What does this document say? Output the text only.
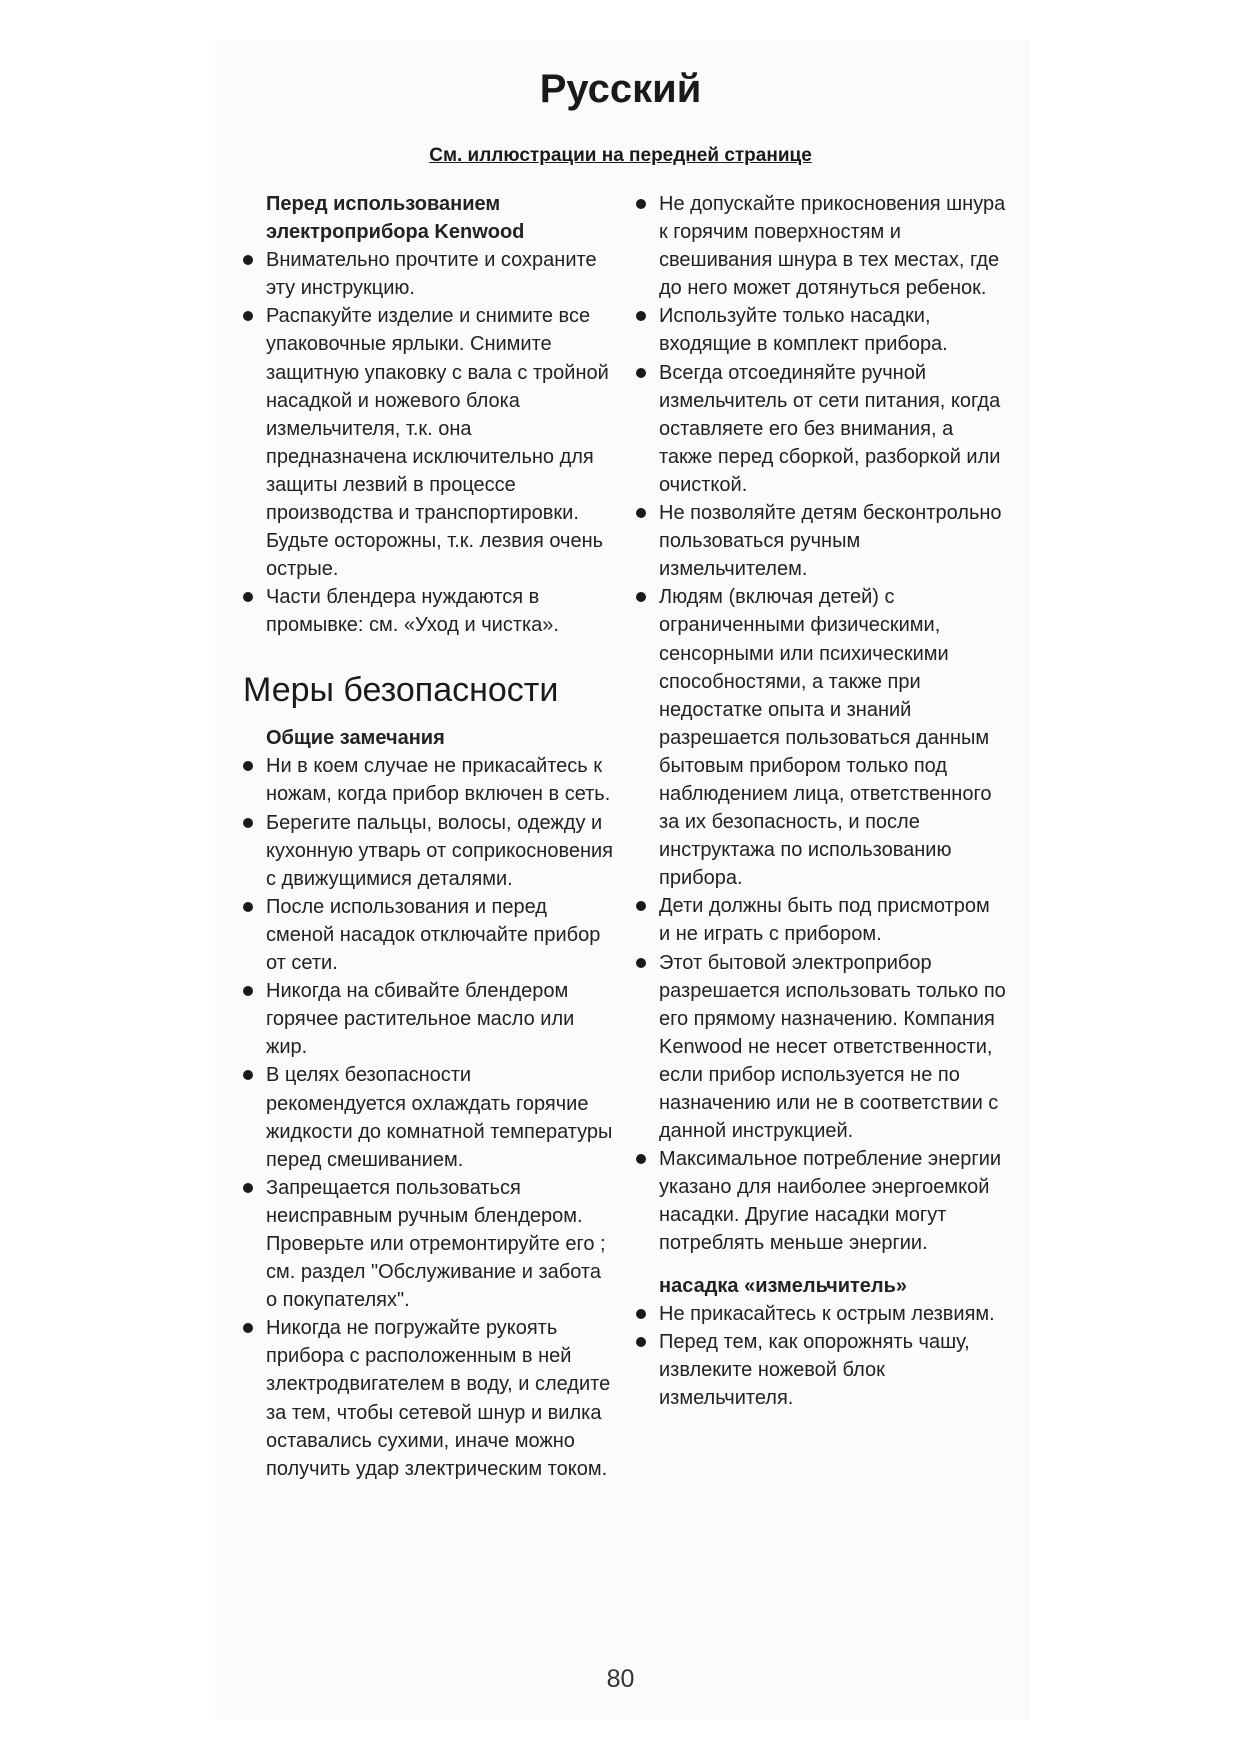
Русский

См. иллюстрации на передней странице

Перед использованием электроприбора Kenwood

Внимательно прочтите и сохраните эту инструкцию.
Распакуйте изделие и снимите все упаковочные ярлыки. Снимите защитную упаковку с вала с тройной насадкой и ножевого блока измельчителя, т.к. она предназначена исключительно для защиты лезвий в процессе производства и транспортировки. Будьте осторожны, т.к. лезвия очень острые.
Части блендера нуждаются в промывке: см. «Уход и чистка».
Меры безопасности

Общие замечания

Ни в коем случае не прикасайтесь к ножам, когда прибор включен в сеть.
Берегите пальцы, волосы, одежду и кухонную утварь от соприкосновения с движущимися деталями.
После использования и перед сменой насадок отключайте прибор от сети.
Никогда на сбивайте блендером горячее растительное масло или жир.
В целях безопасности рекомендуется охлаждать горячие жидкости до комнатной температуры перед смешиванием.
Запрещается пользоваться неисправным ручным блендером. Проверьте или отремонтируйте его ; см. раздел "Обслуживание и забота о покупателях".
Никогда не погружайте рукоять прибора с расположенным в ней злектродвигателем в воду, и следите за тем, чтобы сетевой шнур и вилка оставались сухими, иначе можно получить удар злектрическим током.
Не допускайте прикосновения шнура к горячим поверхностям и свешивания шнура в тех местах, где до него может дотянуться ребенок.
Используйте только насадки, входящие в комплект прибора.
Всегда отсоединяйте ручной измельчитель от сети питания, когда оставляете его без внимания, а также перед сборкой, разборкой или очисткой.
Не позволяйте детям бесконтрольно пользоваться ручным измельчителем.
Людям (включая детей) с ограниченными физическими, сенсорными или психическими способностями, а также при недостатке опыта и знаний разрешается пользоваться данным бытовым прибором только под наблюдением лица, ответственного за их безопасность, и после инструктажа по использованию прибора.
Дети должны быть под присмотром и не играть с прибором.
Этот бытовой электроприбор разрешается использовать только по его прямому назначению. Компания Kenwood не несет ответственности, если прибор используется не по назначению или не в соответствии с данной инструкцией.
Максимальное потребление энергии указано для наиболее энергоемкой насадки. Другие насадки могут потреблять меньше энергии.

насадка «измельчитель»

Не прикасайтесь к острым лезвиям.
Перед тем, как опорожнять чашу, извлеките ножевой блок измельчителя.
80
